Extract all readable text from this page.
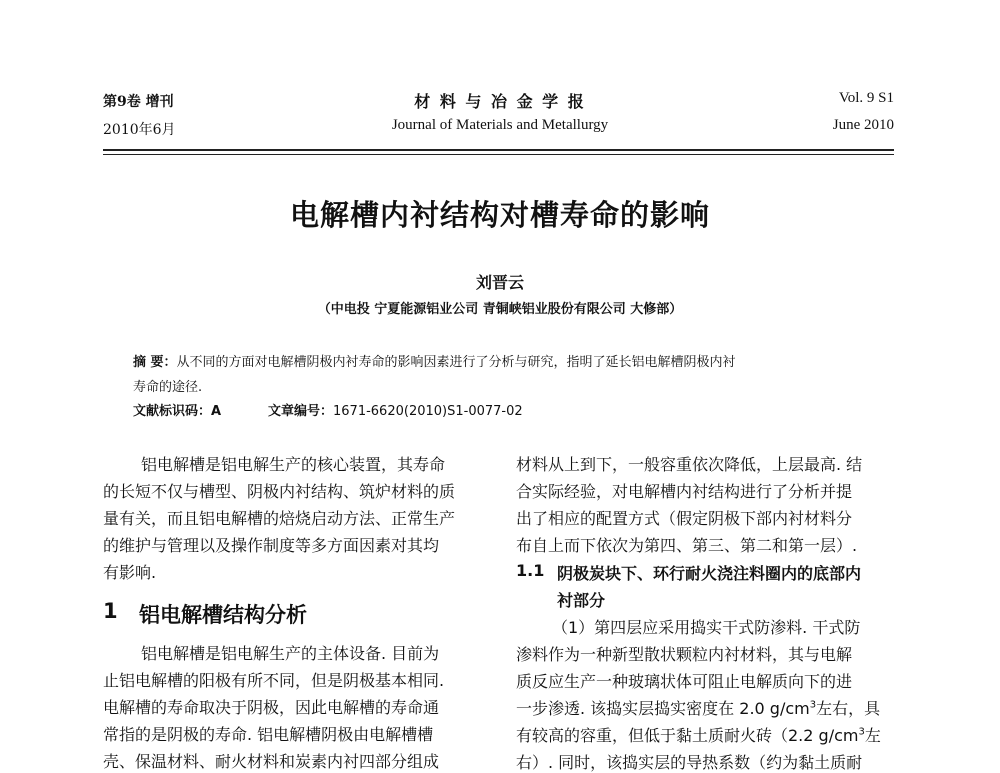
第9卷 增刊
2010年6月
材 料 与 冶 金 学 报
Journal of Materials and Metallurgy
Vol. 9 S1
June 2010
电解槽内衬结构对槽寿命的影响
刘晋云
（中电投 宁夏能源铝业公司 青铜峡铝业股份有限公司 大修部）
摘 要：从不同的方面对电解槽阴极内衬寿命的影响因素进行了分析与研究，指明了延长铝电解槽阴极内衬
寿命的途径.
文献标识码：A	文章编号：1671-6620(2010)S1-0077-02
铝电解槽是铝电解生产的核心装置，其寿命
的长短不仅与槽型、阴极内衬结构、筑炉材料的质
量有关，而且铝电解槽的焙烧启动方法、正常生产
的维护与管理以及操作制度等多方面因素对其均
有影响.
1 铝电解槽结构分析
铝电解槽是铝电解生产的主体设备. 目前为
止铝电解槽的阳极有所不同，但是阴极基本相同.
电解槽的寿命取决于阴极，因此电解槽的寿命通
常指的是阴极的寿命. 铝电解槽阴极由电解槽槽
壳、保温材料、耐火材料和炭素内衬四部分组成
材料从上到下，一般容重依次降低，上层最高. 结
合实际经验，对电解槽内衬结构进行了分析并提
出了相应的配置方式（假定阴极下部内衬材料分
布自上而下依次为第四、第三、第二和第一层）.
1.1 阴极炭块下、环行耐火浇注料圈内的底部内
衬部分
（1）第四层应采用捣实干式防渗料. 干式防
渗料作为一种新型散状颗粒内衬材料，其与电解
质反应生产一种玻璃状体可阻止电解质向下的进
一步渗透. 该捣实层捣实密度在 2.0 $g/cm^3$左右，具
有较高的容重，但低于黏土质耐火砖（2.2 $g/cm^3$左
右）. 同时，该捣实层的导热系数（约为黏土质耐
